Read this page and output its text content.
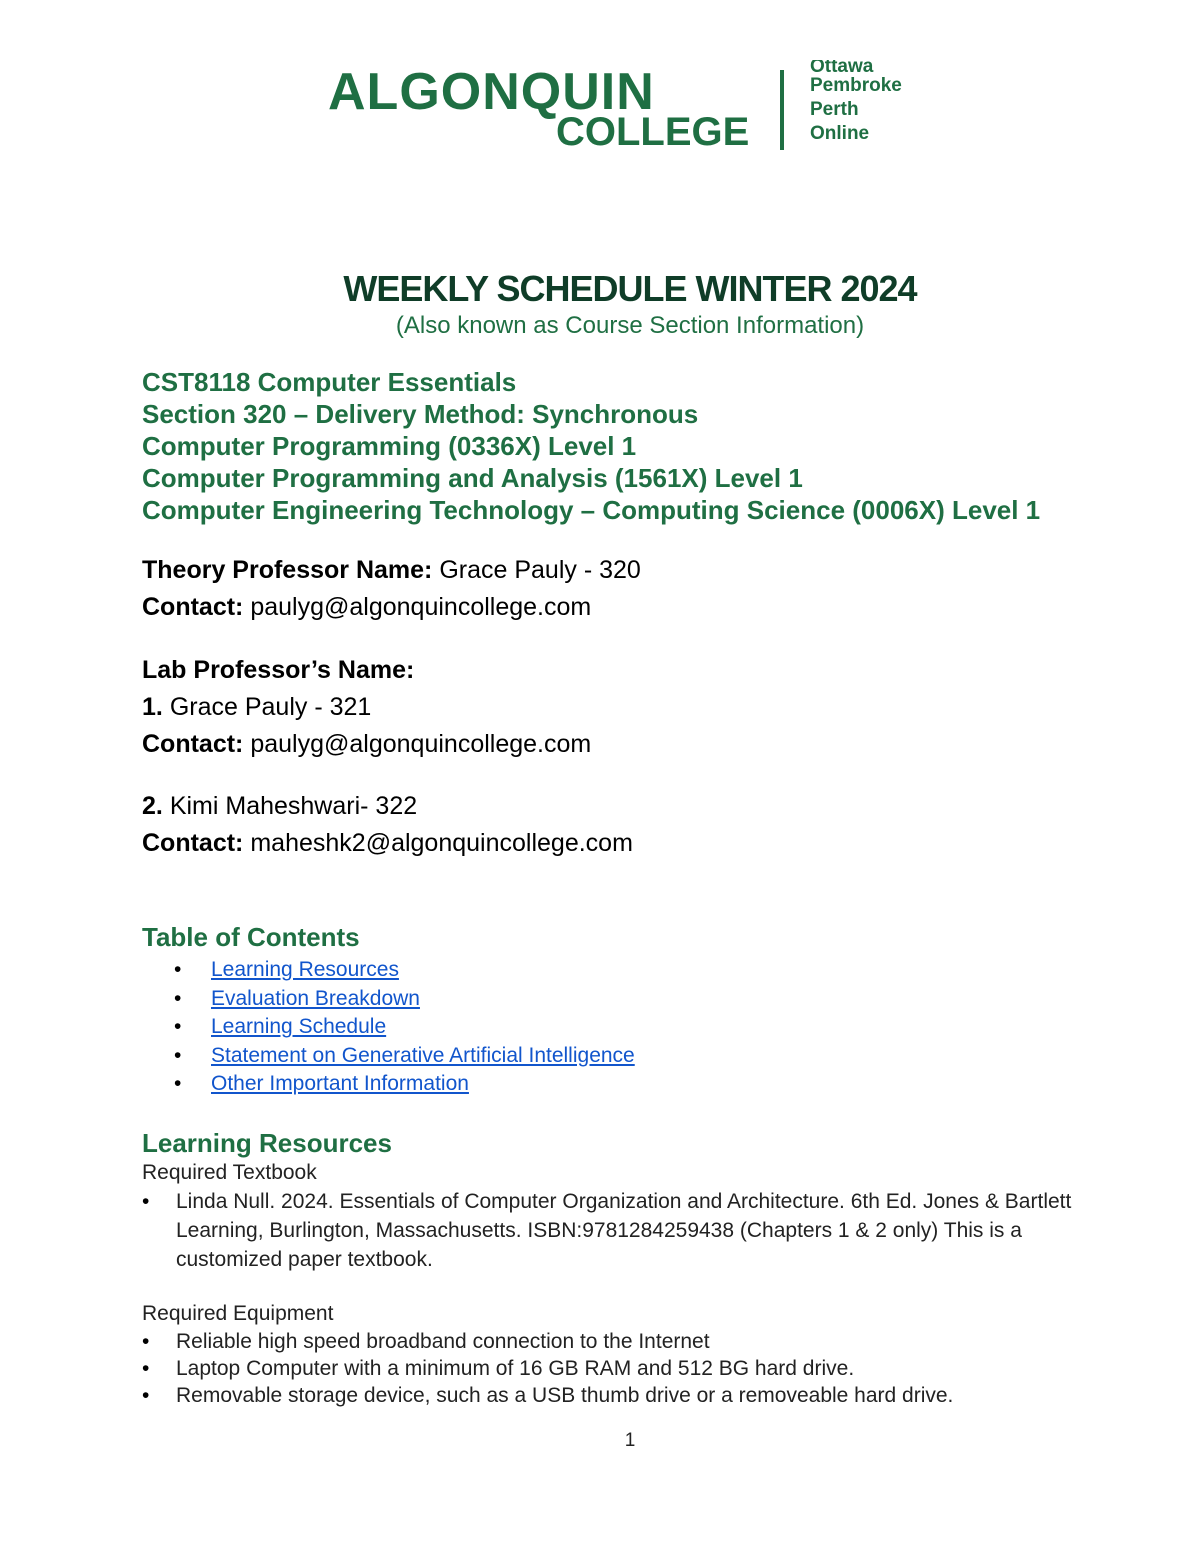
ALGONQUIN
COLLEGE
Ottawa
Pembroke
Perth
Online
WEEKLY SCHEDULE WINTER 2024
(Also known as Course Section Information)
CST8118 Computer Essentials
Section 320 – Delivery Method: Synchronous
Computer Programming (0336X) Level 1
Computer Programming and Analysis (1561X) Level 1
Computer Engineering Technology – Computing Science (0006X) Level 1
Theory Professor Name: Grace Pauly - 320
Contact: paulyg@algonquincollege.com
Lab Professor’s Name:
1. Grace Pauly - 321
Contact: paulyg@algonquincollege.com
2. Kimi Maheshwari- 322
Contact: maheshk2@algonquincollege.com
Table of Contents
• Learning Resources
• Evaluation Breakdown
• Learning Schedule
• Statement on Generative Artificial Intelligence
• Other Important Information
Learning Resources
Required Textbook
• Linda Null. 2024. Essentials of Computer Organization and Architecture. 6th Ed. Jones & Bartlett Learning, Burlington, Massachusetts. ISBN:9781284259438 (Chapters 1 & 2 only) This is a customized paper textbook.
Required Equipment
• Reliable high speed broadband connection to the Internet
• Laptop Computer with a minimum of 16 GB RAM and 512 BG hard drive.
• Removable storage device, such as a USB thumb drive or a removeable hard drive.
1
